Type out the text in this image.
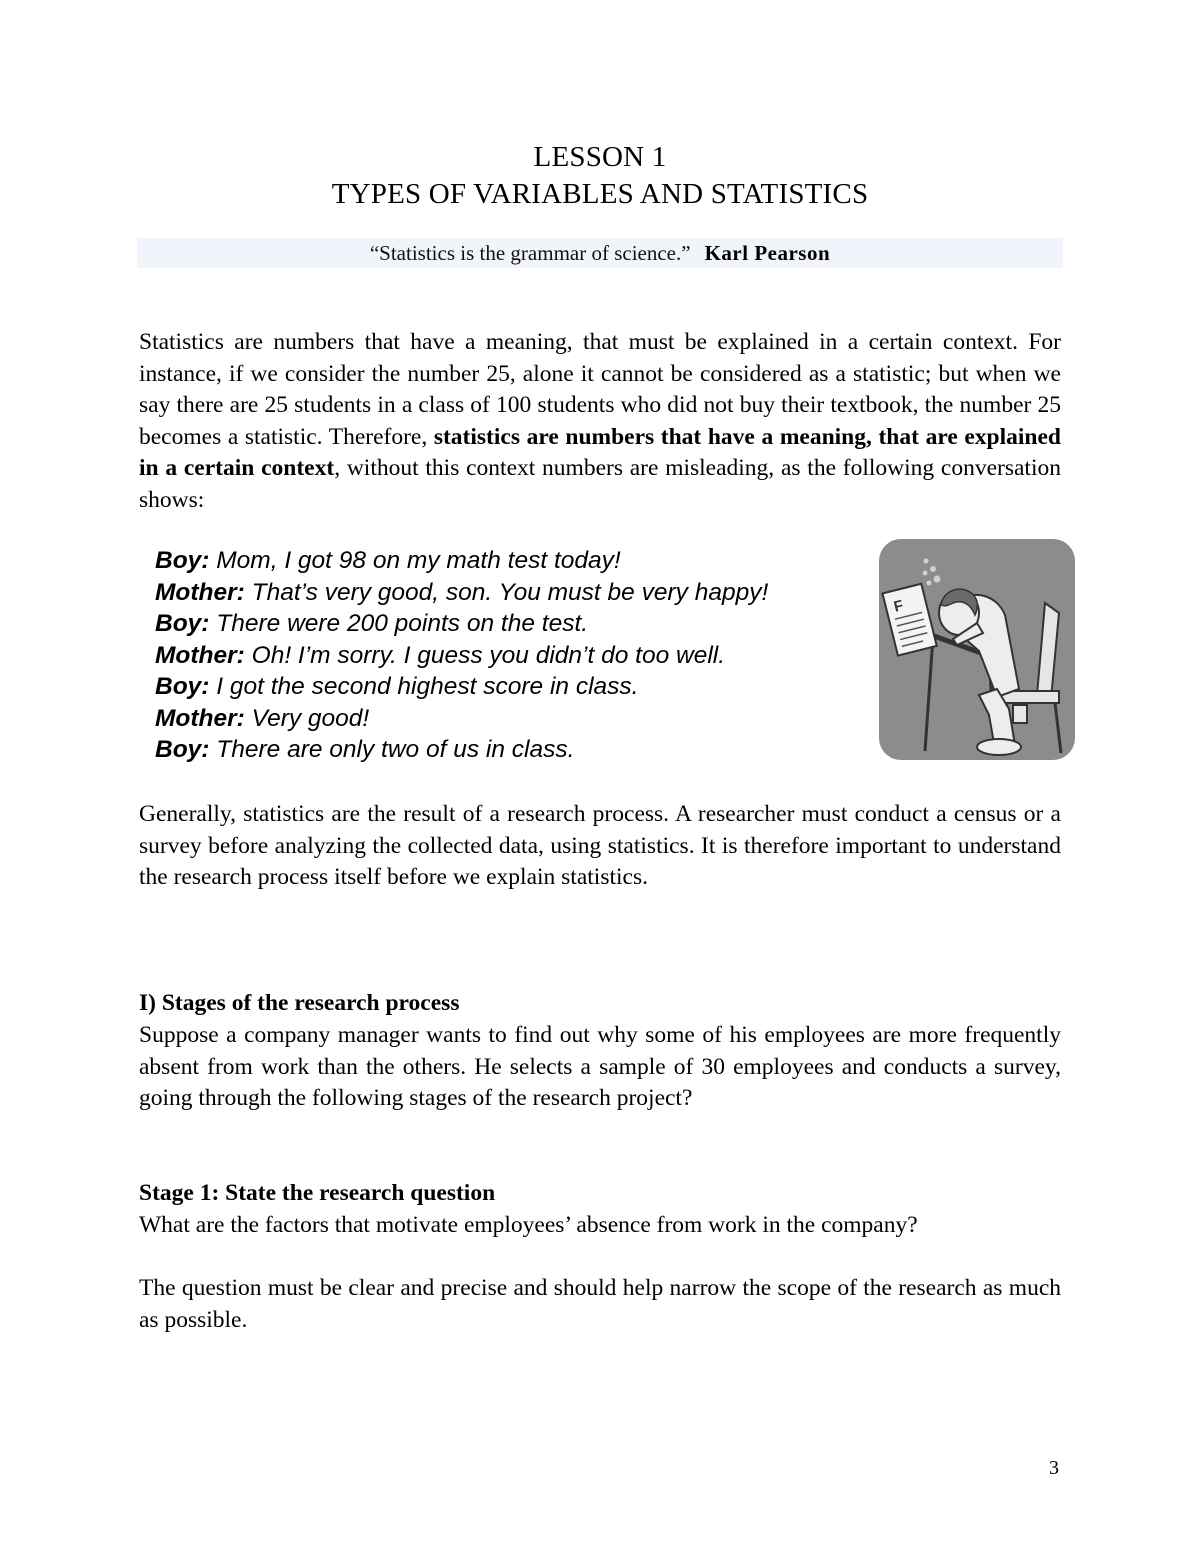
LESSON 1
TYPES OF VARIABLES AND STATISTICS
“Statistics is the grammar of science.” Karl Pearson
Statistics are numbers that have a meaning, that must be explained in a certain context. For instance, if we consider the number 25, alone it cannot be considered as a statistic; but when we say there are 25 students in a class of 100 students who did not buy their textbook, the number 25 becomes a statistic. Therefore, statistics are numbers that have a meaning, that are explained in a certain context, without this context numbers are misleading, as the following conversation shows:
Boy: Mom, I got 98 on my math test today!
Mother: That’s very good, son. You must be very happy!
Boy: There were 200 points on the test.
Mother: Oh! I’m sorry. I guess you didn’t do too well.
Boy: I got the second highest score in class.
Mother: Very good!
Boy: There are only two of us in class.
F
Generally, statistics are the result of a research process. A researcher must conduct a census or a survey before analyzing the collected data, using statistics. It is therefore important to understand the research process itself before we explain statistics.
I) Stages of the research process
Suppose a company manager wants to find out why some of his employees are more frequently absent from work than the others. He selects a sample of 30 employees and conducts a survey, going through the following stages of the research project?
Stage 1: State the research question
What are the factors that motivate employees’ absence from work in the company?
The question must be clear and precise and should help narrow the scope of the research as much as possible.
3
